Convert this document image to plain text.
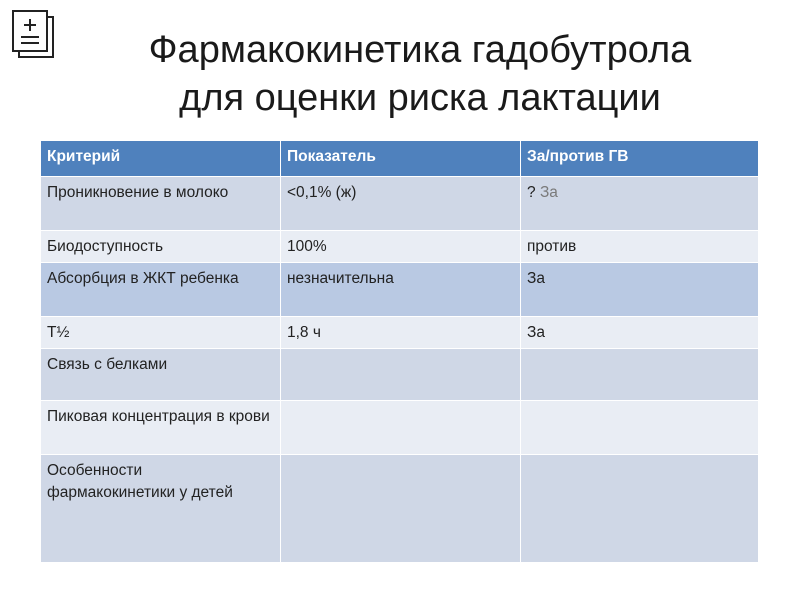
Фармакокинетика гадобутрола
для оценки риска лактации
Критерий	Показатель	За/против ГВ
Проникновение в молоко	<0,1% (ж)	? За
Биодоступность	100%	против
Абсорбция в ЖКТ ребенка	незначительна	За
T½	1,8 ч	За
Связь с белками		
Пиковая концентрация в крови		
Особенности фармакокинетики у детей		
